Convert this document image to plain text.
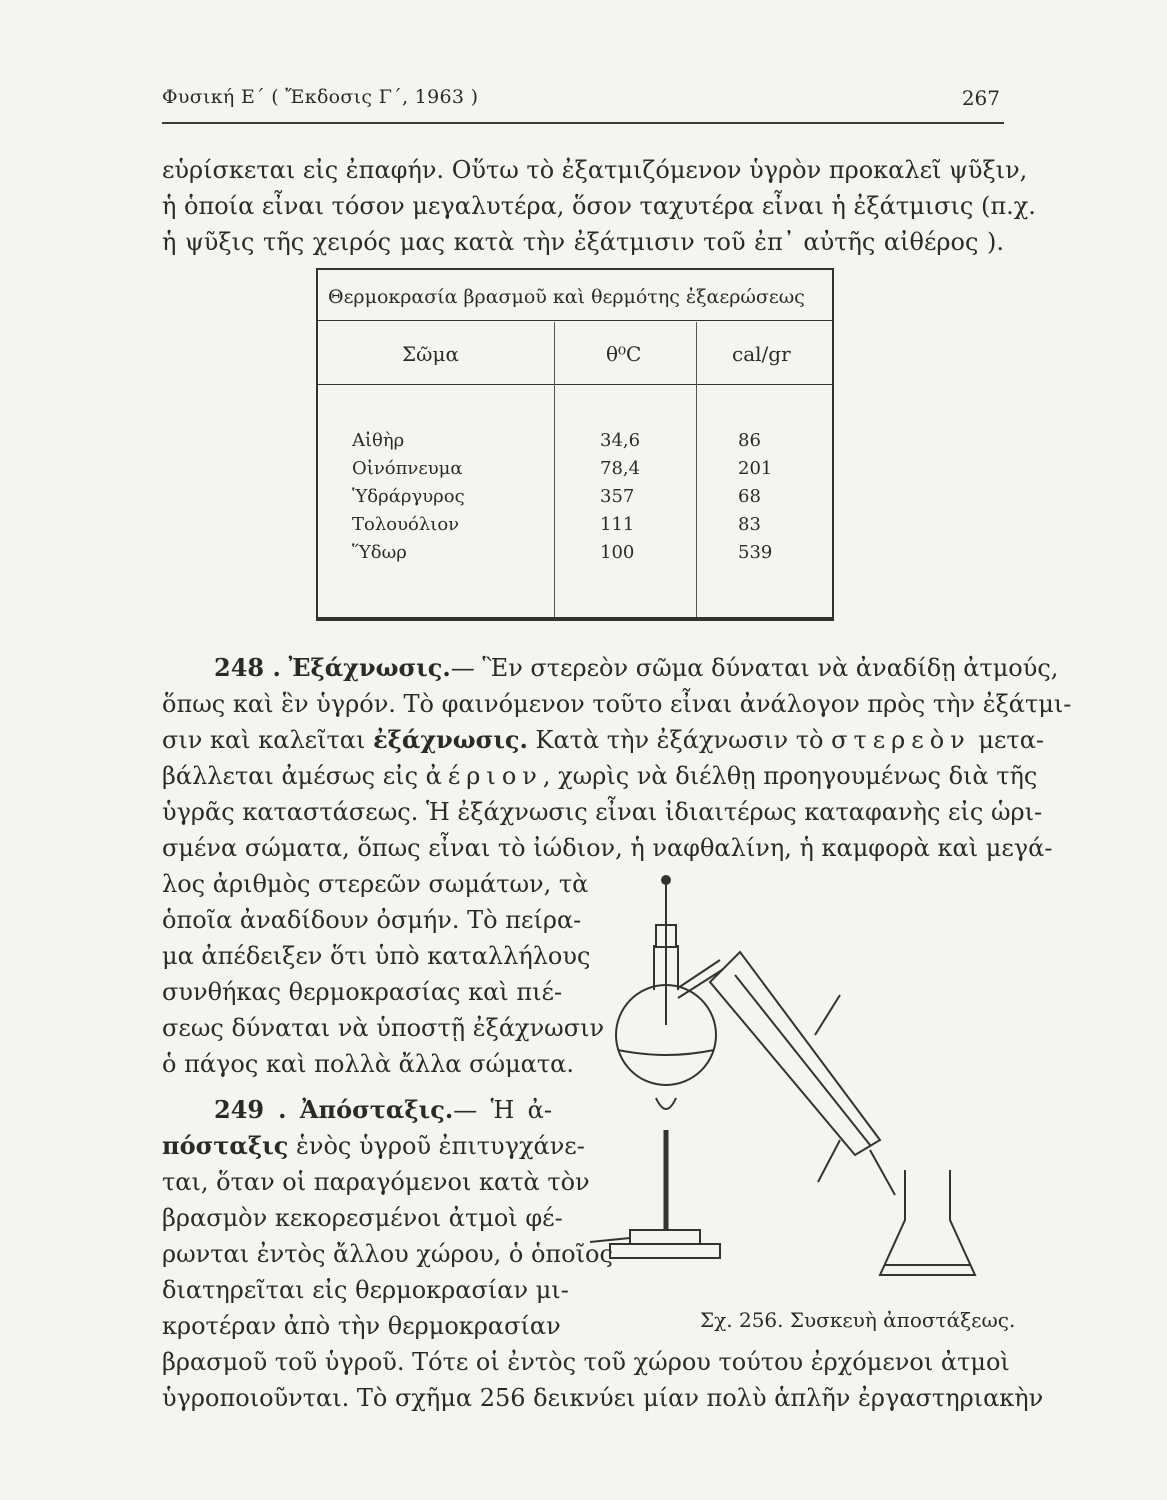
Φυσική Ε΄ ( Ἔκδοσις Γ΄, 1963 )	267
εὑρίσκεται εἰς ἐπαφήν. Οὕτω τὸ ἐξατμιζόμενον ὑγρὸν προκαλεῖ ψῦξιν,
ἡ ὁποία εἶναι τόσον μεγαλυτέρα, ὅσον ταχυτέρα εἶναι ἡ ἐξάτμισις (π.χ.
ἡ ψῦξις τῆς χειρός μας κατὰ τὴν ἐξάτμισιν τοῦ ἐπ᾽ αὐτῆς αἰθέρος ).
Θερμοκρασία βρασμοῦ καὶ θερμότης ἐξαερώσεως
Σῶμα	θ⁰C	cal/gr
Αἰθὴρ	34,6	86
Οἰνόπνευμα	78,4	201
Ὑδράργυρος	357	68
Τολουόλιον	111	83
Ὕδωρ	100	539
248 . Ἐξάχνωσις.— Ἓν στερεὸν σῶμα δύναται νὰ ἀναδίδῃ ἀτμούς,
ὅπως καὶ ἓν ὑγρόν. Τὸ φαινόμενον τοῦτο εἶναι ἀνάλογον πρὸς τὴν ἐξάτμι-
σιν καὶ καλεῖται ἐξάχνωσις. Κατὰ τὴν ἐξάχνωσιν τὸ στερεὸν μετα-
βάλλεται ἀμέσως εἰς ἀέριον, χωρὶς νὰ διέλθῃ προηγουμένως διὰ τῆς
ὑγρᾶς καταστάσεως. Ἡ ἐξάχνωσις εἶναι ἰδιαιτέρως καταφανὴς εἰς ὡρι-
σμένα σώματα, ὅπως εἶναι τὸ ἰώδιον, ἡ ναφθαλίνη, ἡ καμφορὰ καὶ μεγά-
λος ἀριθμὸς στερεῶν σωμάτων, τὰ
ὁποῖα ἀναδίδουν ὀσμήν. Τὸ πείρα-
μα ἀπέδειξεν ὅτι ὑπὸ καταλλήλους
συνθήκας θερμοκρασίας καὶ πιέ-
σεως δύναται νὰ ὑποστῇ ἐξάχνωσιν
ὁ πάγος καὶ πολλὰ ἄλλα σώματα.
249 . Ἀπόσταξις.— Ἡ ἀ-
πόσταξις ἑνὸς ὑγροῦ ἐπιτυγχάνε-
ται, ὅταν οἱ παραγόμενοι κατὰ τὸν
βρασμὸν κεκορεσμένοι ἀτμοὶ φέ-
ρωνται ἐντὸς ἄλλου χώρου, ὁ ὁποῖος
διατηρεῖται εἰς θερμοκρασίαν μι-
κροτέραν ἀπὸ τὴν θερμοκρασίαν
βρασμοῦ τοῦ ὑγροῦ. Τότε οἱ ἐντὸς τοῦ χώρου τούτου ἐρχόμενοι ἀτμοὶ
ὑγροποιοῦνται. Τὸ σχῆμα 256 δεικνύει μίαν πολὺ ἁπλῆν ἐργαστηριακὴν
Σχ. 256. Συσκευὴ ἀποστάξεως.
